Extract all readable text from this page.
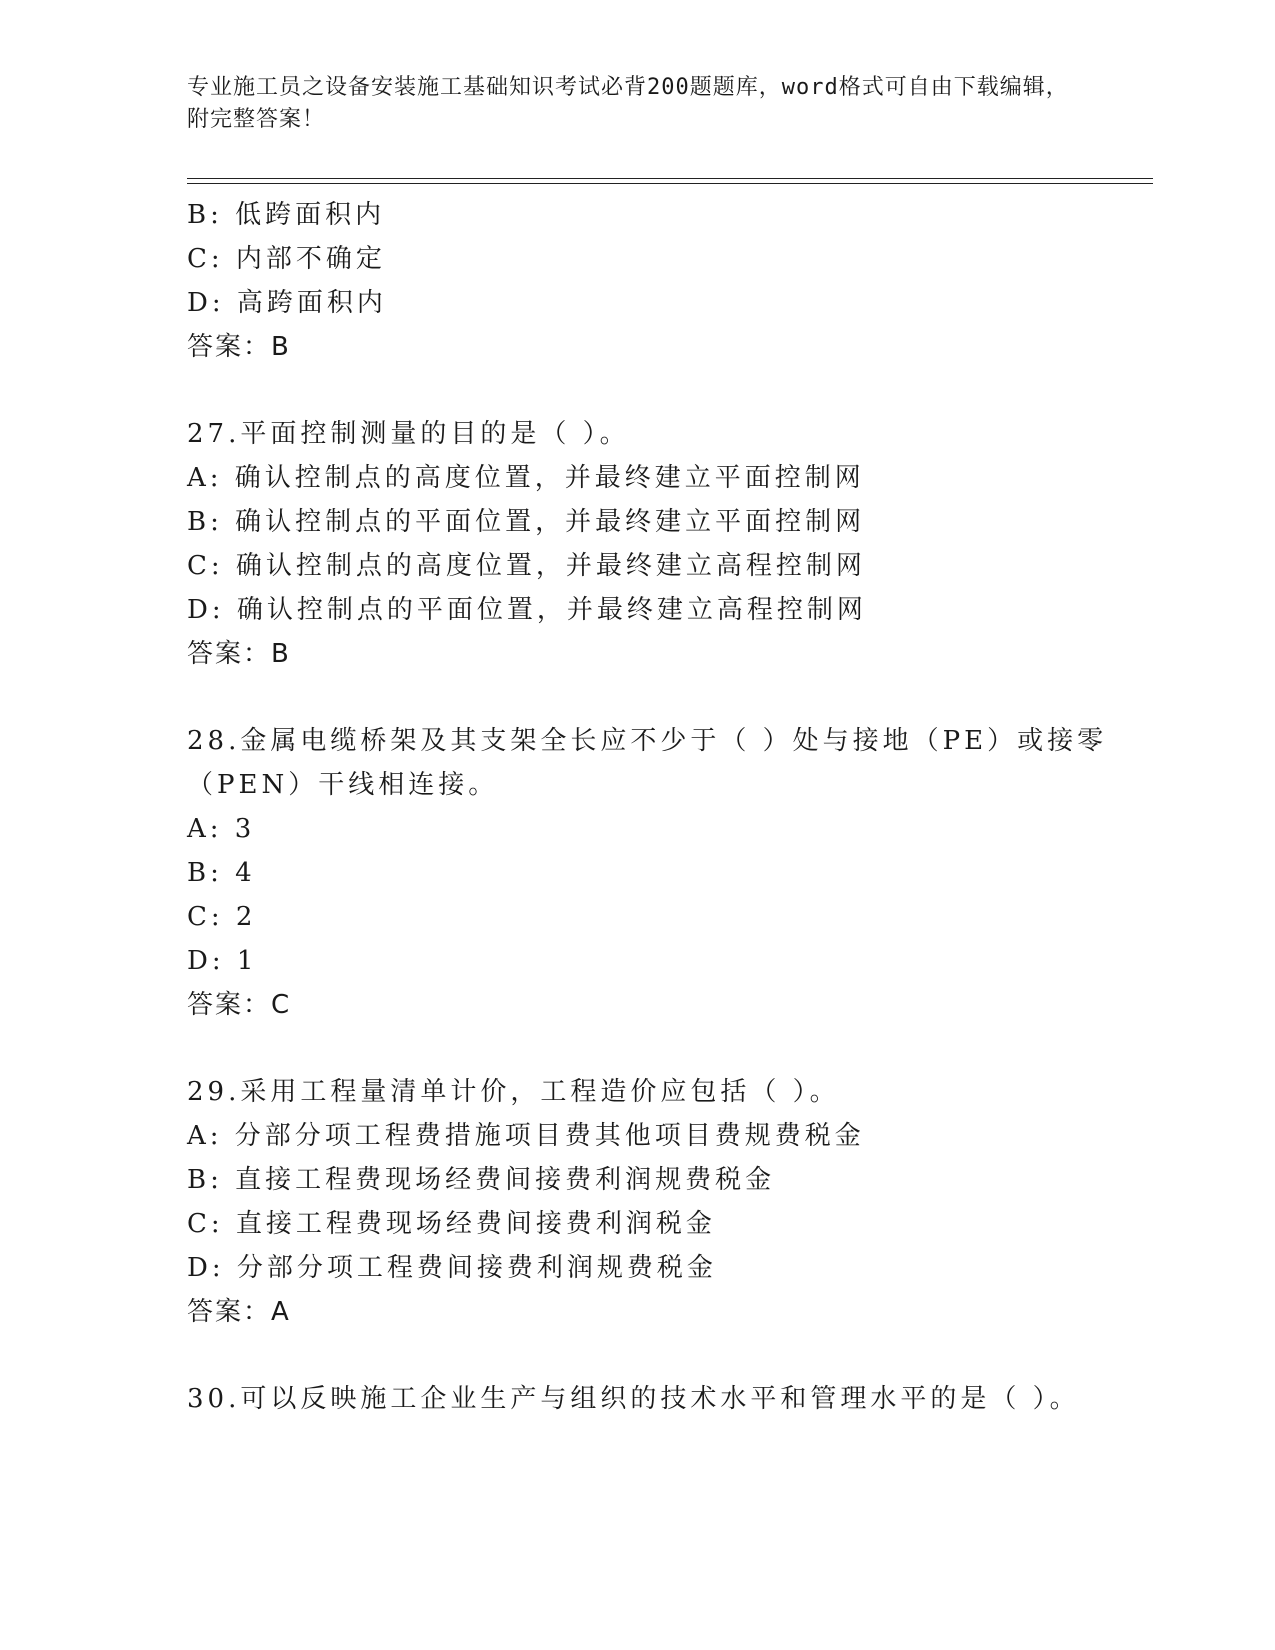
专业施工员之设备安装施工基础知识考试必背200题题库，word格式可自由下载编辑，附完整答案！
B: 低跨面积内
C: 内部不确定
D: 高跨面积内
答案：B
27.平面控制测量的目的是（ ）。
A: 确认控制点的高度位置，并最终建立平面控制网
B: 确认控制点的平面位置，并最终建立平面控制网
C: 确认控制点的高度位置，并最终建立高程控制网
D: 确认控制点的平面位置，并最终建立高程控制网
答案：B
28.金属电缆桥架及其支架全长应不少于（ ）处与接地（PE）或接零
（PEN）干线相连接。
A: 3
B: 4
C: 2
D: 1
答案：C
29.采用工程量清单计价，工程造价应包括（ ）。
A: 分部分项工程费措施项目费其他项目费规费税金
B: 直接工程费现场经费间接费利润规费税金
C: 直接工程费现场经费间接费利润税金
D: 分部分项工程费间接费利润规费税金
答案：A
30.可以反映施工企业生产与组织的技术水平和管理水平的是（ ）。
